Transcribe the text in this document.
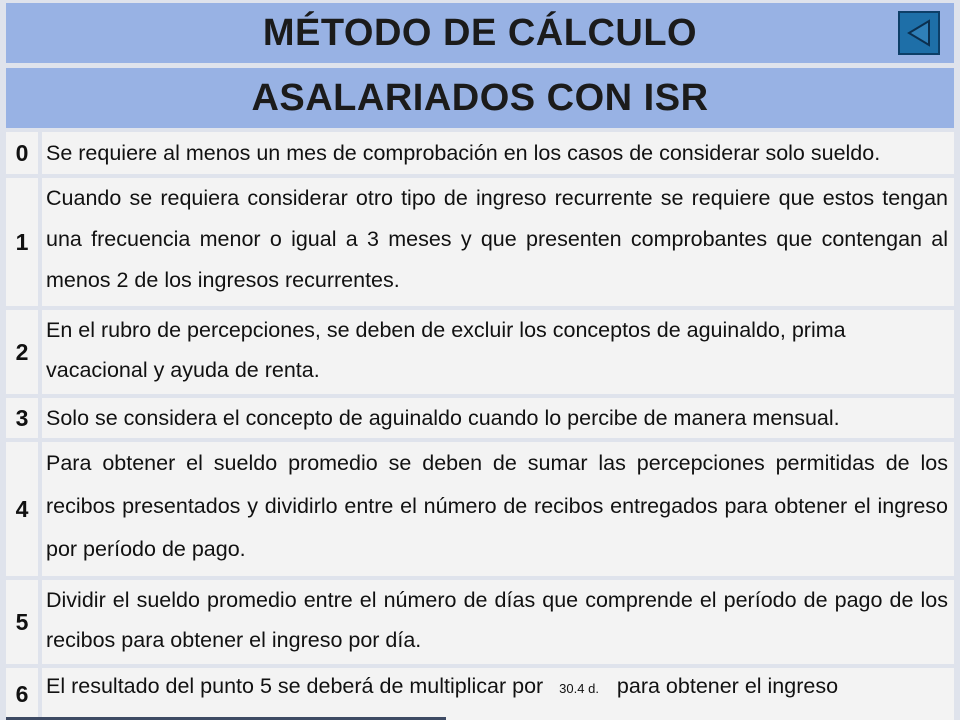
MÉTODO DE CÁLCULO
ASALARIADOS CON ISR
0 Se requiere al menos un mes de comprobación en los casos de considerar solo sueldo.
1
Cuando se requiera considerar otro tipo de ingreso recurrente se requiere que estos tengan una frecuencia menor o igual a 3 meses y que presenten comprobantes que contengan al menos 2 de los ingresos recurrentes.
2
En el rubro de percepciones, se deben de excluir los conceptos de aguinaldo, prima vacacional y ayuda de renta.
3 Solo se considera el concepto de aguinaldo cuando lo percibe de manera mensual.
4
Para obtener el sueldo promedio se deben de sumar las percepciones permitidas de los recibos presentados y dividirlo entre el número de recibos entregados para obtener el ingreso por período de pago.
5
Dividir el sueldo promedio entre el número de días que comprende el período de pago de los recibos para obtener el ingreso por día.
6 El resultado del punto 5 se deberá de multiplicar por 30.4 d. para obtener el ingreso
